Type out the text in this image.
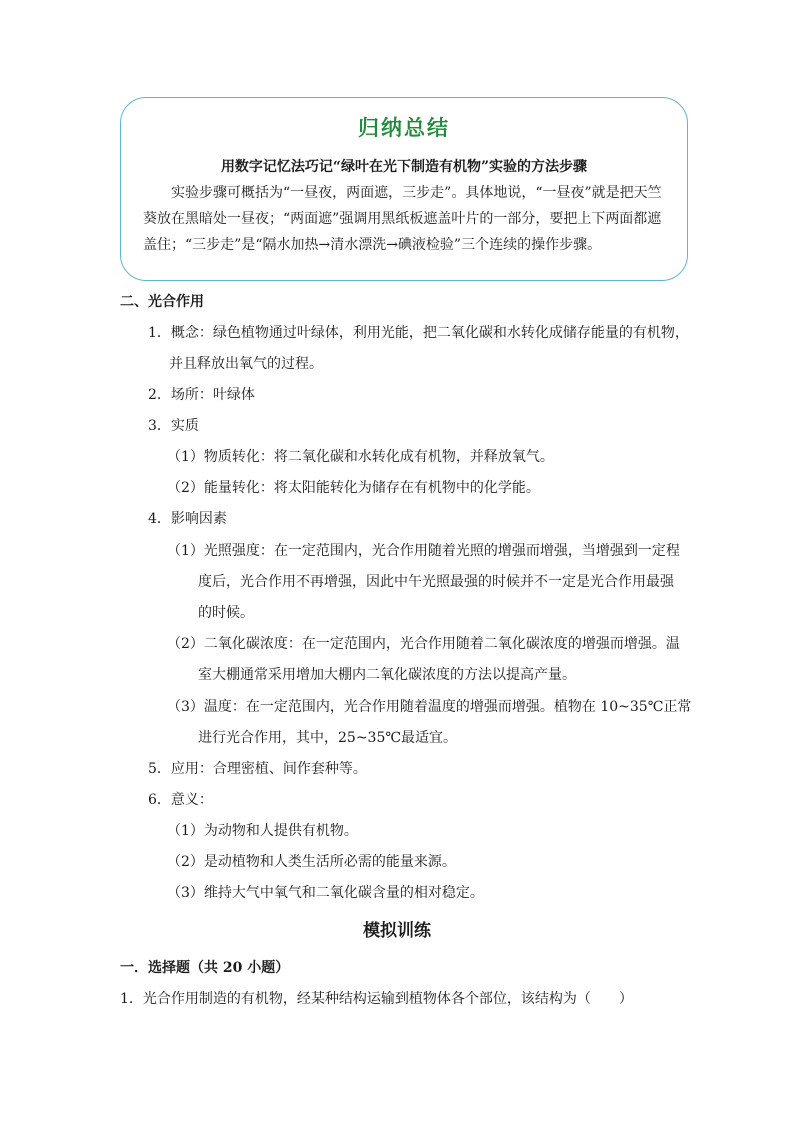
归纳总结
用数字记忆法巧记“绿叶在光下制造有机物”实验的方法步骤
实验步骤可概括为“一昼夜，两面遮，三步走”。具体地说，“一昼夜”就是把天竺
葵放在黑暗处一昼夜；“两面遮”强调用黑纸板遮盖叶片的一部分，要把上下两面都遮
盖住；“三步走”是“隔水加热→清水漂洗→碘液检验”三个连续的操作步骤。
二、光合作用
1．概念：绿色植物通过叶绿体，利用光能，把二氧化碳和水转化成储存能量的有机物，
并且释放出氧气的过程。
2．场所：叶绿体
3．实质
（1）物质转化：将二氧化碳和水转化成有机物，并释放氧气。
（2）能量转化：将太阳能转化为储存在有机物中的化学能。
4．影响因素
（1）光照强度：在一定范围内，光合作用随着光照的增强而增强，当增强到一定程
度后，光合作用不再增强，因此中午光照最强的时候并不一定是光合作用最强
的时候。
（2）二氧化碳浓度：在一定范围内，光合作用随着二氧化碳浓度的增强而增强。温
室大棚通常采用增加大棚内二氧化碳浓度的方法以提高产量。
（3）温度：在一定范围内，光合作用随着温度的增强而增强。植物在 10~35℃正常
进行光合作用，其中，25~35℃最适宜。
5．应用：合理密植、间作套种等。
6．意义：
（1）为动物和人提供有机物。
（2）是动植物和人类生活所必需的能量来源。
（3）维持大气中氧气和二氧化碳含量的相对稳定。
模拟训练
一．选择题（共 20 小题）
1．光合作用制造的有机物，经某种结构运输到植物体各个部位，该结构为（　　）
